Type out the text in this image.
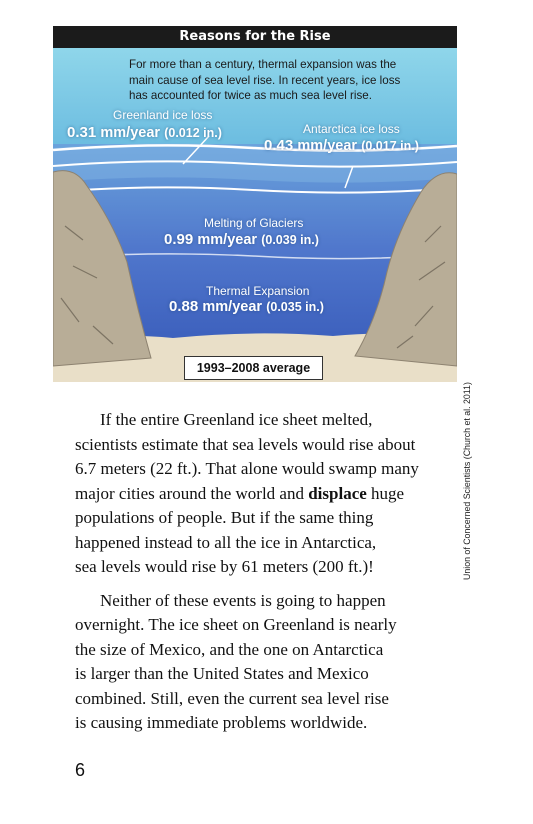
Reasons for the Rise
For more than a century, thermal expansion was the
main cause of sea level rise. In recent years, ice loss
has accounted for twice as much sea level rise.
Greenland ice loss
0.31 mm/year (0.012 in.)	Antarctica ice loss
0.43 mm/year (0.017 in.)
Melting of Glaciers
0.99 mm/year (0.039 in.)
Thermal Expansion
0.88 mm/year (0.035 in.)
1993–2008 average
Union of Concerned Scientists (Church et al. 2011)

If the entire Greenland ice sheet melted,
scientists estimate that sea levels would rise about
6.7 meters (22 ft.). That alone would swamp many
major cities around the world and displace huge
populations of people. But if the same thing
happened instead to all the ice in Antarctica,
sea levels would rise by 61 meters (200 ft.)!

Neither of these events is going to happen
overnight. The ice sheet on Greenland is nearly
the size of Mexico, and the one on Antarctica
is larger than the United States and Mexico
combined. Still, even the current sea level rise
is causing immediate problems worldwide.

6
